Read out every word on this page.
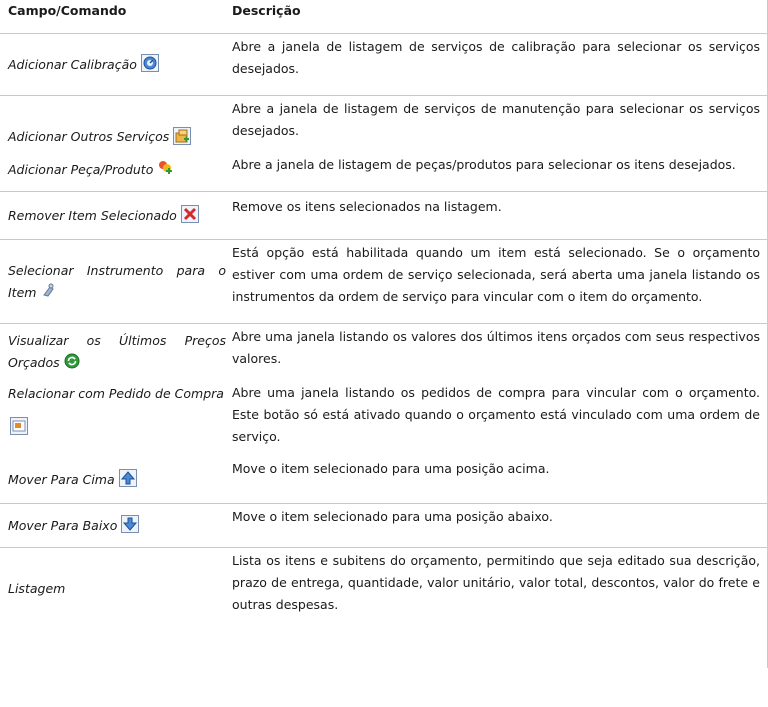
Campo/Comando	Descrição
Adicionar Calibração
Abre a janela de listagem de serviços de calibração para selecionar os serviços desejados.
Adicionar Outros Serviços
Abre a janela de listagem de serviços de manutenção para selecionar os serviços desejados.
Adicionar Peça/Produto	Abre a janela de listagem de peças/produtos para selecionar os itens desejados.
Remover Item Selecionado
Remove os itens selecionados na listagem.
Selecionar Instrumento para o Item
Está opção está habilitada quando um item está selecionado. Se o orçamento estiver com uma ordem de serviço selecionada, será aberta uma janela listando os instrumentos da ordem de serviço para vincular com o item do orçamento.
Visualizar os Últimos Preços Orçados
Abre uma janela listando os valores dos últimos itens orçados com seus respectivos valores.
Relacionar com Pedido de Compra Abre uma janela listando os pedidos de compra para vincular com o orçamento. Este botão só está ativado quando o orçamento está vinculado com uma ordem de serviço.
Mover Para Cima
Move o item selecionado para uma posição acima.
Mover Para Baixo
Move o item selecionado para uma posição abaixo.
Listagem
Lista os itens e subitens do orçamento, permitindo que seja editado sua descrição, prazo de entrega, quantidade, valor unitário, valor total, descontos, valor do frete e outras despesas.
